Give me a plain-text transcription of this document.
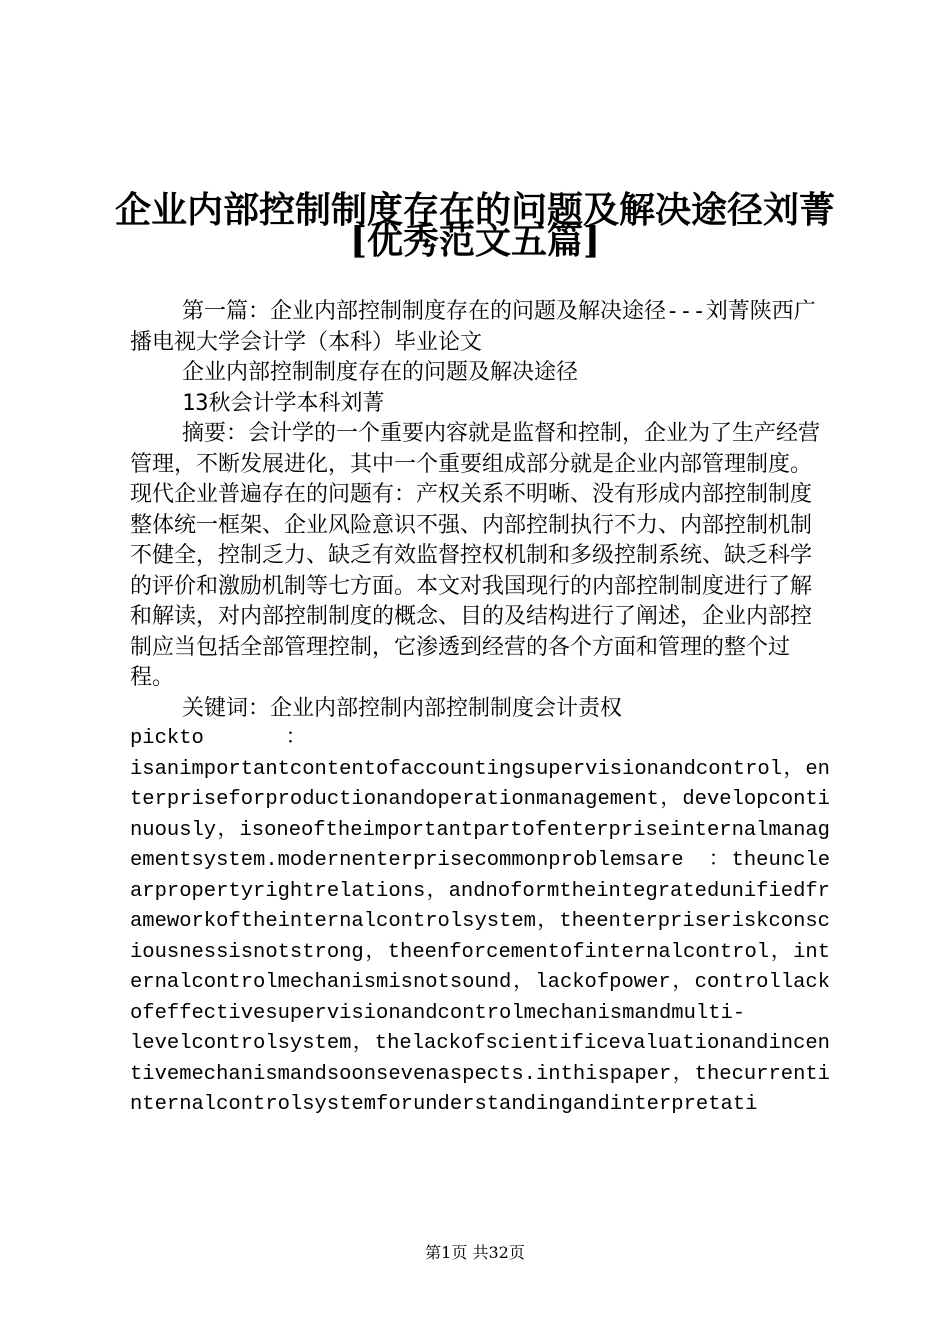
企业内部控制制度存在的问题及解决途径刘菁
[优秀范文五篇]

第一篇：企业内部控制制度存在的问题及解决途径---刘菁陕西广播电视大学会计学（本科）毕业论文

企业内部控制制度存在的问题及解决途径

13秋会计学本科刘菁

摘要：会计学的一个重要内容就是监督和控制，企业为了生产经营管理，不断发展进化，其中一个重要组成部分就是企业内部管理制度。现代企业普遍存在的问题有：产权关系不明晰、没有形成内部控制制度整体统一框架、企业风险意识不强、内部控制执行不力、内部控制机制不健全，控制乏力、缺乏有效监督控权机制和多级控制系统、缺乏科学的评价和激励机制等七方面。本文对我国现行的内部控制制度进行了解和解读，对内部控制制度的概念、目的及结构进行了阐述，企业内部控制应当包括全部管理控制，它渗透到经营的各个方面和管理的整个过程。

关键词：企业内部控制内部控制制度会计责权

pickto　　　　：

isanimportantcontentofaccountingsupervisionandcontrol，enterpriseforproductionandoperationmanagement，developcontinuously，isoneoftheimportantpartofenterpriseinternalmanagementsystem.modernenterprisecommonproblemsare　：theunclearpropertyrightrelations，andnoformtheintegratedunifiedframeworkoftheinternalcontrolsystem，theenterpriseriskconsciousnessisnotstrong，theenforcementofinternalcontrol，internalcontrolmechanismisnotsound，lackofpower，controllackofeffectivesupervisionandcontrolmechanismandmulti-

levelcontrolsystem，thelackofscientificevaluationandincentivemechanismandsoonsevenaspects.inthispaper，thecurrentinternalcontrolsystemforunderstandingandinterpretati

第1页 共32页
